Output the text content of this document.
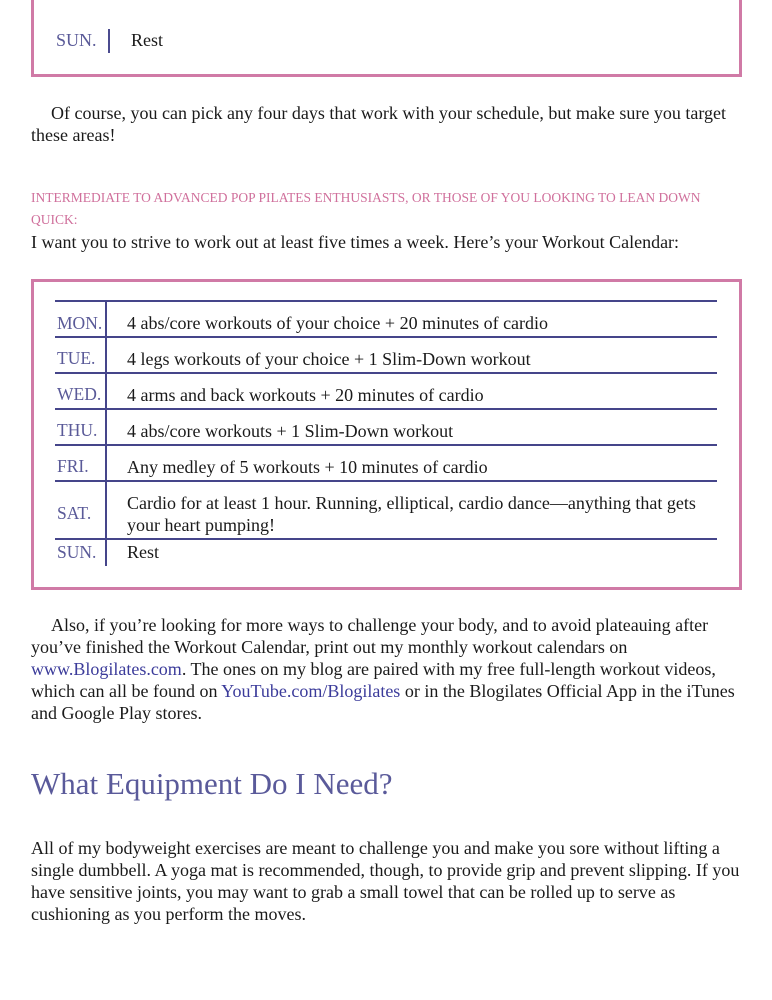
SUN.	Rest
Of course, you can pick any four days that work with your schedule, but make sure you target these areas!
INTERMEDIATE TO ADVANCED POP PILATES ENTHUSIASTS, OR THOSE OF YOU LOOKING TO LEAN DOWN QUICK:
I want you to strive to work out at least five times a week. Here’s your Workout Calendar:
MON. 4 abs/core workouts of your choice + 20 minutes of cardio
TUE. 4 legs workouts of your choice + 1 Slim-Down workout
WED. 4 arms and back workouts + 20 minutes of cardio
THU. 4 abs/core workouts + 1 Slim-Down workout
FRI. Any medley of 5 workouts + 10 minutes of cardio
SAT. Cardio for at least 1 hour. Running, elliptical, cardio dance—anything that gets your heart pumping!
SUN. Rest
Also, if you’re looking for more ways to challenge your body, and to avoid plateauing after you’ve finished the Workout Calendar, print out my monthly workout calendars on www.Blogilates.com. The ones on my blog are paired with my free full-length workout videos, which can all be found on YouTube.com/Blogilates or in the Blogilates Official App in the iTunes and Google Play stores.
What Equipment Do I Need?
All of my bodyweight exercises are meant to challenge you and make you sore without lifting a single dumbbell. A yoga mat is recommended, though, to provide grip and prevent slipping. If you have sensitive joints, you may want to grab a small towel that can be rolled up to serve as cushioning as you perform the moves.
